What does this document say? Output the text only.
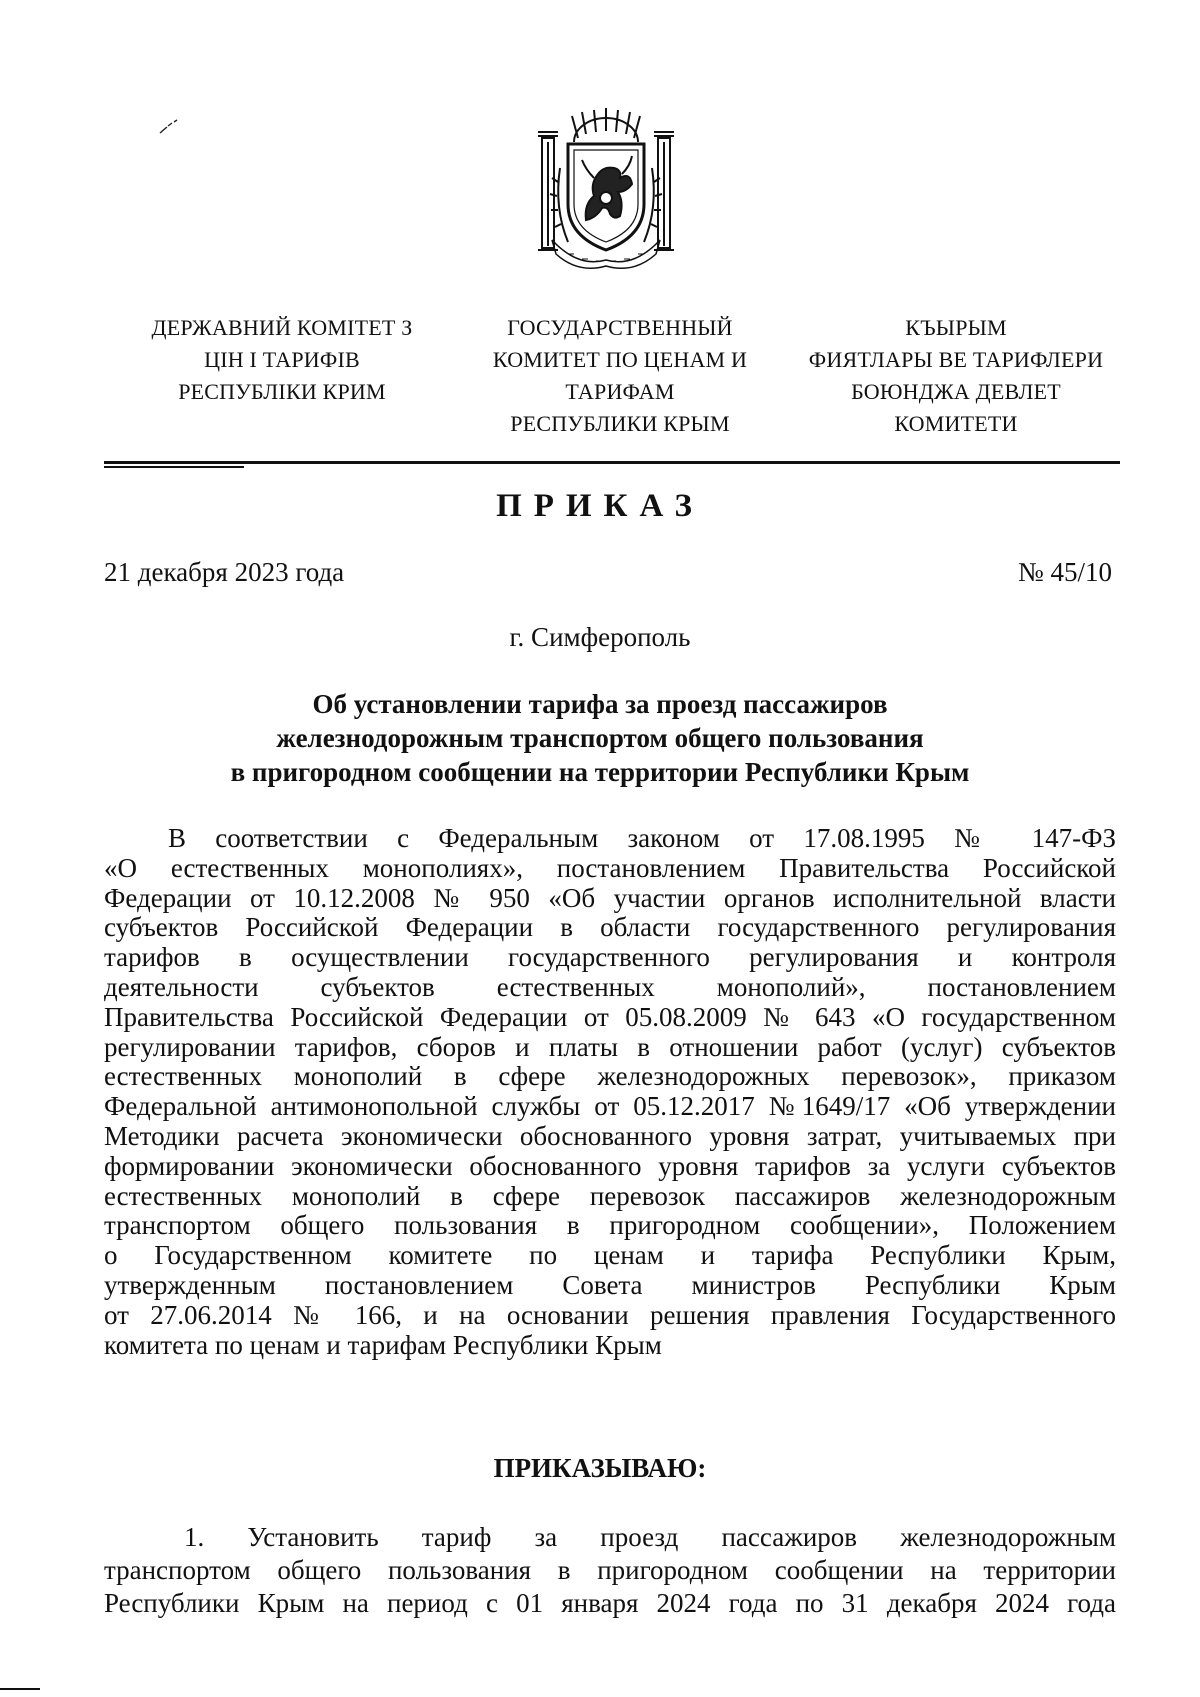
ДЕРЖАВНИЙ КОМІТЕТ З
ЦІН І ТАРИФІВ
РЕСПУБЛІКИ КРИМ
ГОСУДАРСТВЕННЫЙ
КОМИТЕТ ПО ЦЕНАМ И
ТАРИФАМ
РЕСПУБЛИКИ КРЫМ
КЪЫРЫМ
ФИЯТЛАРЫ ВЕ ТАРИФЛЕРИ
БОЮНДЖА ДЕВЛЕТ
КОМИТЕТИ
ПРИКАЗ
21 декабря 2023 года	№ 45/10
г. Симферополь
Об установлении тарифа за проезд пассажиров
железнодорожным транспортом общего пользования
в пригородном сообщении на территории Республики Крым
В соответствии с Федеральным законом от 17.08.1995 № 147-ФЗ
«О естественных монополиях», постановлением Правительства Российской
Федерации от 10.12.2008 № 950 «Об участии органов исполнительной власти
субъектов Российской Федерации в области государственного регулирования
тарифов в осуществлении государственного регулирования и контроля
деятельности субъектов естественных монополий», постановлением
Правительства Российской Федерации от 05.08.2009 № 643 «О государственном
регулировании тарифов, сборов и платы в отношении работ (услуг) субъектов
естественных монополий в сфере железнодорожных перевозок», приказом
Федеральной антимонопольной службы от 05.12.2017 №1649/17 «Об утверждении
Методики расчета экономически обоснованного уровня затрат, учитываемых при
формировании экономически обоснованного уровня тарифов за услуги субъектов
естественных монополий в сфере перевозок пассажиров железнодорожным
транспортом общего пользования в пригородном сообщении», Положением
о Государственном комитете по ценам и тарифа Республики Крым,
утвержденным постановлением Совета министров Республики Крым
от 27.06.2014 № 166, и на основании решения правления Государственного
комитета по ценам и тарифам Республики Крым
ПРИКАЗЫВАЮ:
1. Установить тариф за проезд пассажиров железнодорожным
транспортом общего пользования в пригородном сообщении на территории
Республики Крым на период с 01 января 2024 года по 31 декабря 2024 года
